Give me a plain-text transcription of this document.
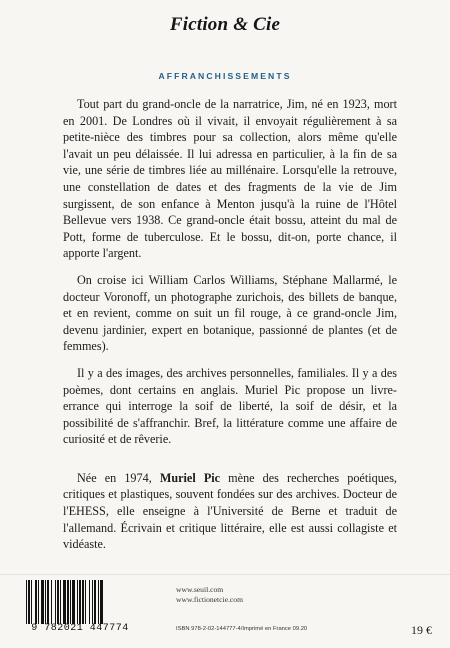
Fiction & Cie
AFFRANCHISSEMENTS

Tout part du grand-oncle de la narratrice, Jim, né en 1923, mort en 2001. De Londres où il vivait, il envoyait régulièrement à sa petite-nièce des timbres pour sa collection, alors même qu'elle l'avait un peu délaissée. Il lui adressa en particulier, à la fin de sa vie, une série de timbres liée au millénaire. Lorsqu'elle la retrouve, une constellation de dates et des fragments de la vie de Jim surgissent, de son enfance à Menton jusqu'à la ruine de l'Hôtel Bellevue vers 1938. Ce grand-oncle était bossu, atteint du mal de Pott, forme de tuberculose. Et le bossu, dit-on, porte chance, il apporte l'argent.

On croise ici William Carlos Williams, Stéphane Mallarmé, le docteur Voronoff, un photographe zurichois, des billets de banque, et en revient, comme on suit un fil rouge, à ce grand-oncle Jim, devenu jardinier, expert en botanique, passionné de plantes (et de femmes).

Il y a des images, des archives personnelles, familiales. Il y a des poèmes, dont certains en anglais. Muriel Pic propose un livre-errance qui interroge la soif de liberté, la soif de désir, et la possibilité de s'affranchir. Bref, la littérature comme une affaire de curiosité et de rêverie.

Née en 1974, Muriel Pic mène des recherches poétiques, critiques et plastiques, souvent fondées sur des archives. Docteur de l'EHESS, elle enseigne à l'Université de Berne et traduit de l'allemand. Écrivain et critique littéraire, elle est aussi collagiste et vidéaste.

9 782021 447774
www.seuil.com
www.fictionetcie.com
ISBN 978-2-02-144777-4/Imprimé en France 09.20	19 €
